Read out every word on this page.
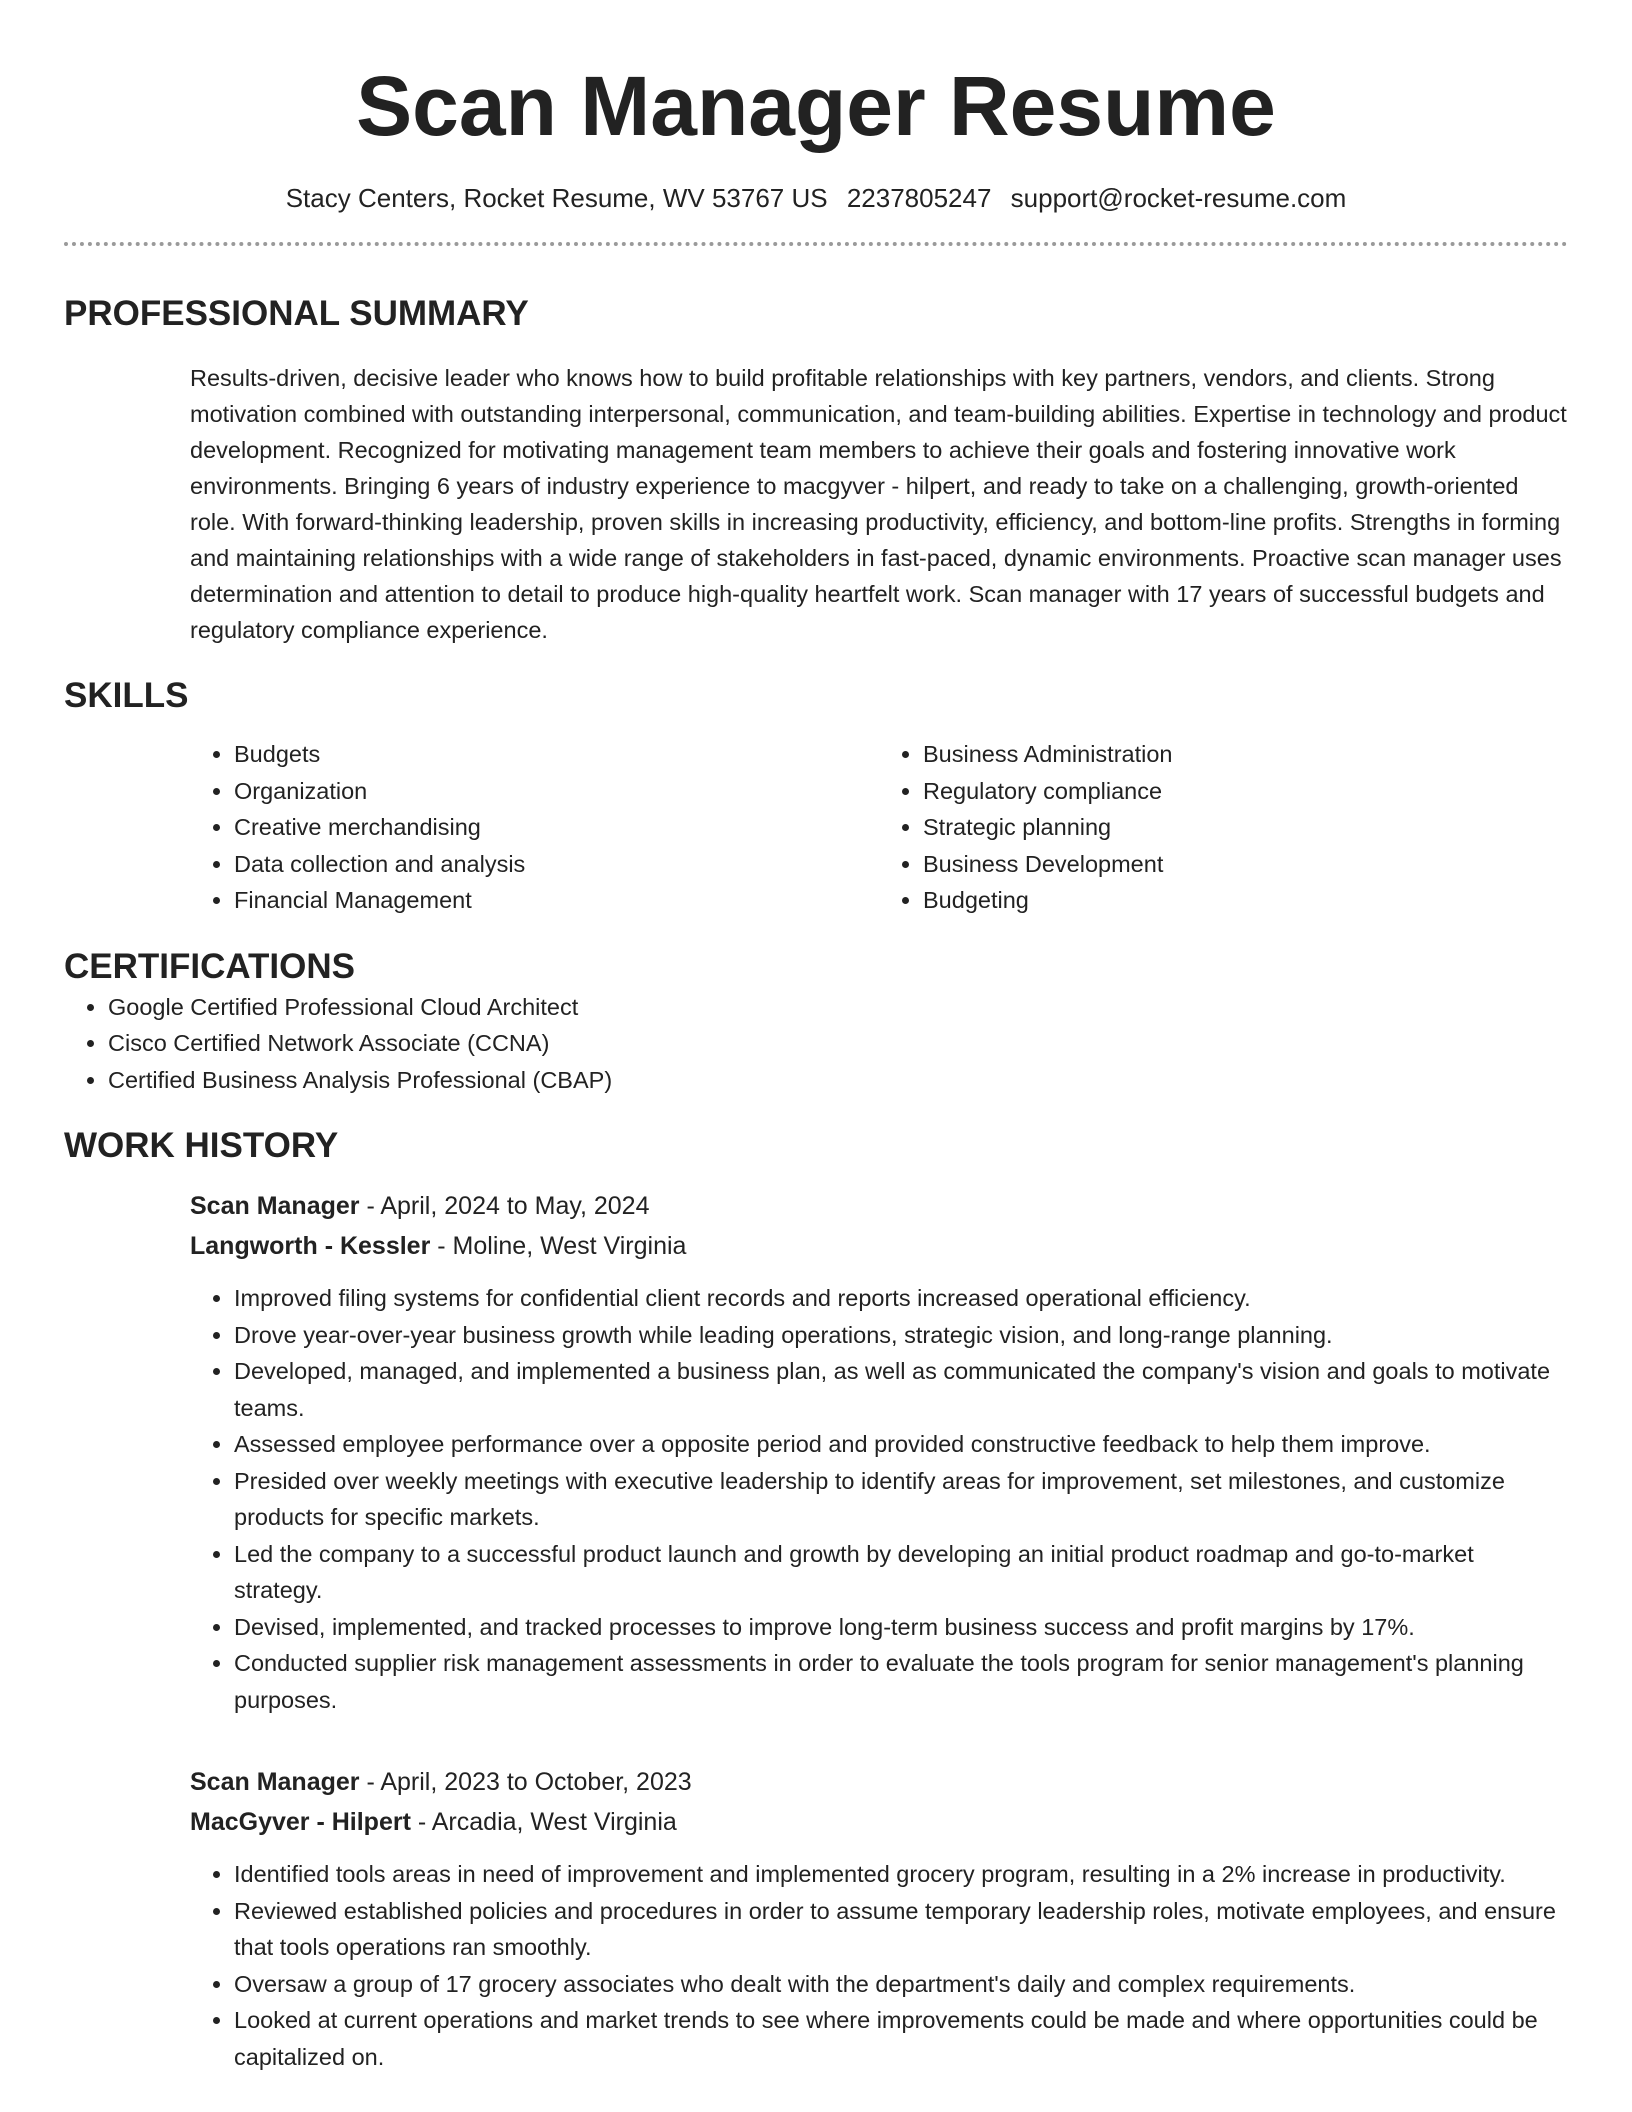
Scan Manager Resume
Stacy Centers, Rocket Resume, WV 53767 US 2237805247 support@rocket-resume.com
PROFESSIONAL SUMMARY
Results-driven, decisive leader who knows how to build profitable relationships with key partners, vendors, and clients. Strong motivation combined with outstanding interpersonal, communication, and team-building abilities. Expertise in technology and product development. Recognized for motivating management team members to achieve their goals and fostering innovative work environments. Bringing 6 years of industry experience to macgyver - hilpert, and ready to take on a challenging, growth-oriented role. With forward-thinking leadership, proven skills in increasing productivity, efficiency, and bottom-line profits. Strengths in forming and maintaining relationships with a wide range of stakeholders in fast-paced, dynamic environments. Proactive scan manager uses determination and attention to detail to produce high-quality heartfelt work. Scan manager with 17 years of successful budgets and regulatory compliance experience.
SKILLS
• Budgets
• Organization
• Creative merchandising
• Data collection and analysis
• Financial Management
• Business Administration
• Regulatory compliance
• Strategic planning
• Business Development
• Budgeting
CERTIFICATIONS
• Google Certified Professional Cloud Architect
• Cisco Certified Network Associate (CCNA)
• Certified Business Analysis Professional (CBAP)
WORK HISTORY
Scan Manager - April, 2024 to May, 2024
Langworth - Kessler - Moline, West Virginia
• Improved filing systems for confidential client records and reports increased operational efficiency.
• Drove year-over-year business growth while leading operations, strategic vision, and long-range planning.
• Developed, managed, and implemented a business plan, as well as communicated the company's vision and goals to motivate teams.
• Assessed employee performance over a opposite period and provided constructive feedback to help them improve.
• Presided over weekly meetings with executive leadership to identify areas for improvement, set milestones, and customize products for specific markets.
• Led the company to a successful product launch and growth by developing an initial product roadmap and go-to-market strategy.
• Devised, implemented, and tracked processes to improve long-term business success and profit margins by 17%.
• Conducted supplier risk management assessments in order to evaluate the tools program for senior management's planning purposes.
Scan Manager - April, 2023 to October, 2023
MacGyver - Hilpert - Arcadia, West Virginia
• Identified tools areas in need of improvement and implemented grocery program, resulting in a 2% increase in productivity.
• Reviewed established policies and procedures in order to assume temporary leadership roles, motivate employees, and ensure that tools operations ran smoothly.
• Oversaw a group of 17 grocery associates who dealt with the department's daily and complex requirements.
• Looked at current operations and market trends to see where improvements could be made and where opportunities could be capitalized on.
